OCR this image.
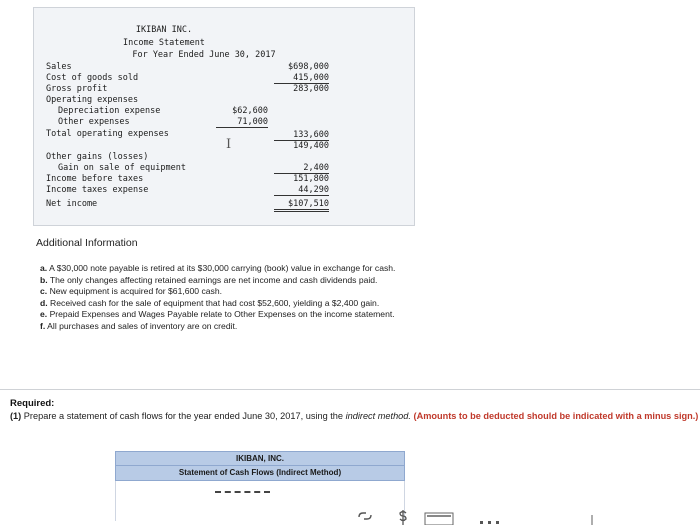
IKIBAN INC.
Income Statement
For Year Ended June 30, 2017
Sales	$698,000
Cost of goods sold	415,000
Gross profit	283,000
Operating expenses
Depreciation expense	$62,600
Other expenses	71,000
Total operating expenses	133,600
149,400
Other gains (losses)
Gain on sale of equipment	2,400
Income before taxes	151,800
Income taxes expense	44,290
Net income	$107,510
I
Additional Information
a. A $30,000 note payable is retired at its $30,000 carrying (book) value in exchange for cash.
b. The only changes affecting retained earnings are net income and cash dividends paid.
c. New equipment is acquired for $61,600 cash.
d. Received cash for the sale of equipment that had cost $52,600, yielding a $2,400 gain.
e. Prepaid Expenses and Wages Payable relate to Other Expenses on the income statement.
f. All purchases and sales of inventory are on credit.
Required:
(1) Prepare a statement of cash flows for the year ended June 30, 2017, using the indirect method. (Amounts to be deducted should be indicated with a minus sign.)
IKIBAN, INC.
Statement of Cash Flows (Indirect Method)
